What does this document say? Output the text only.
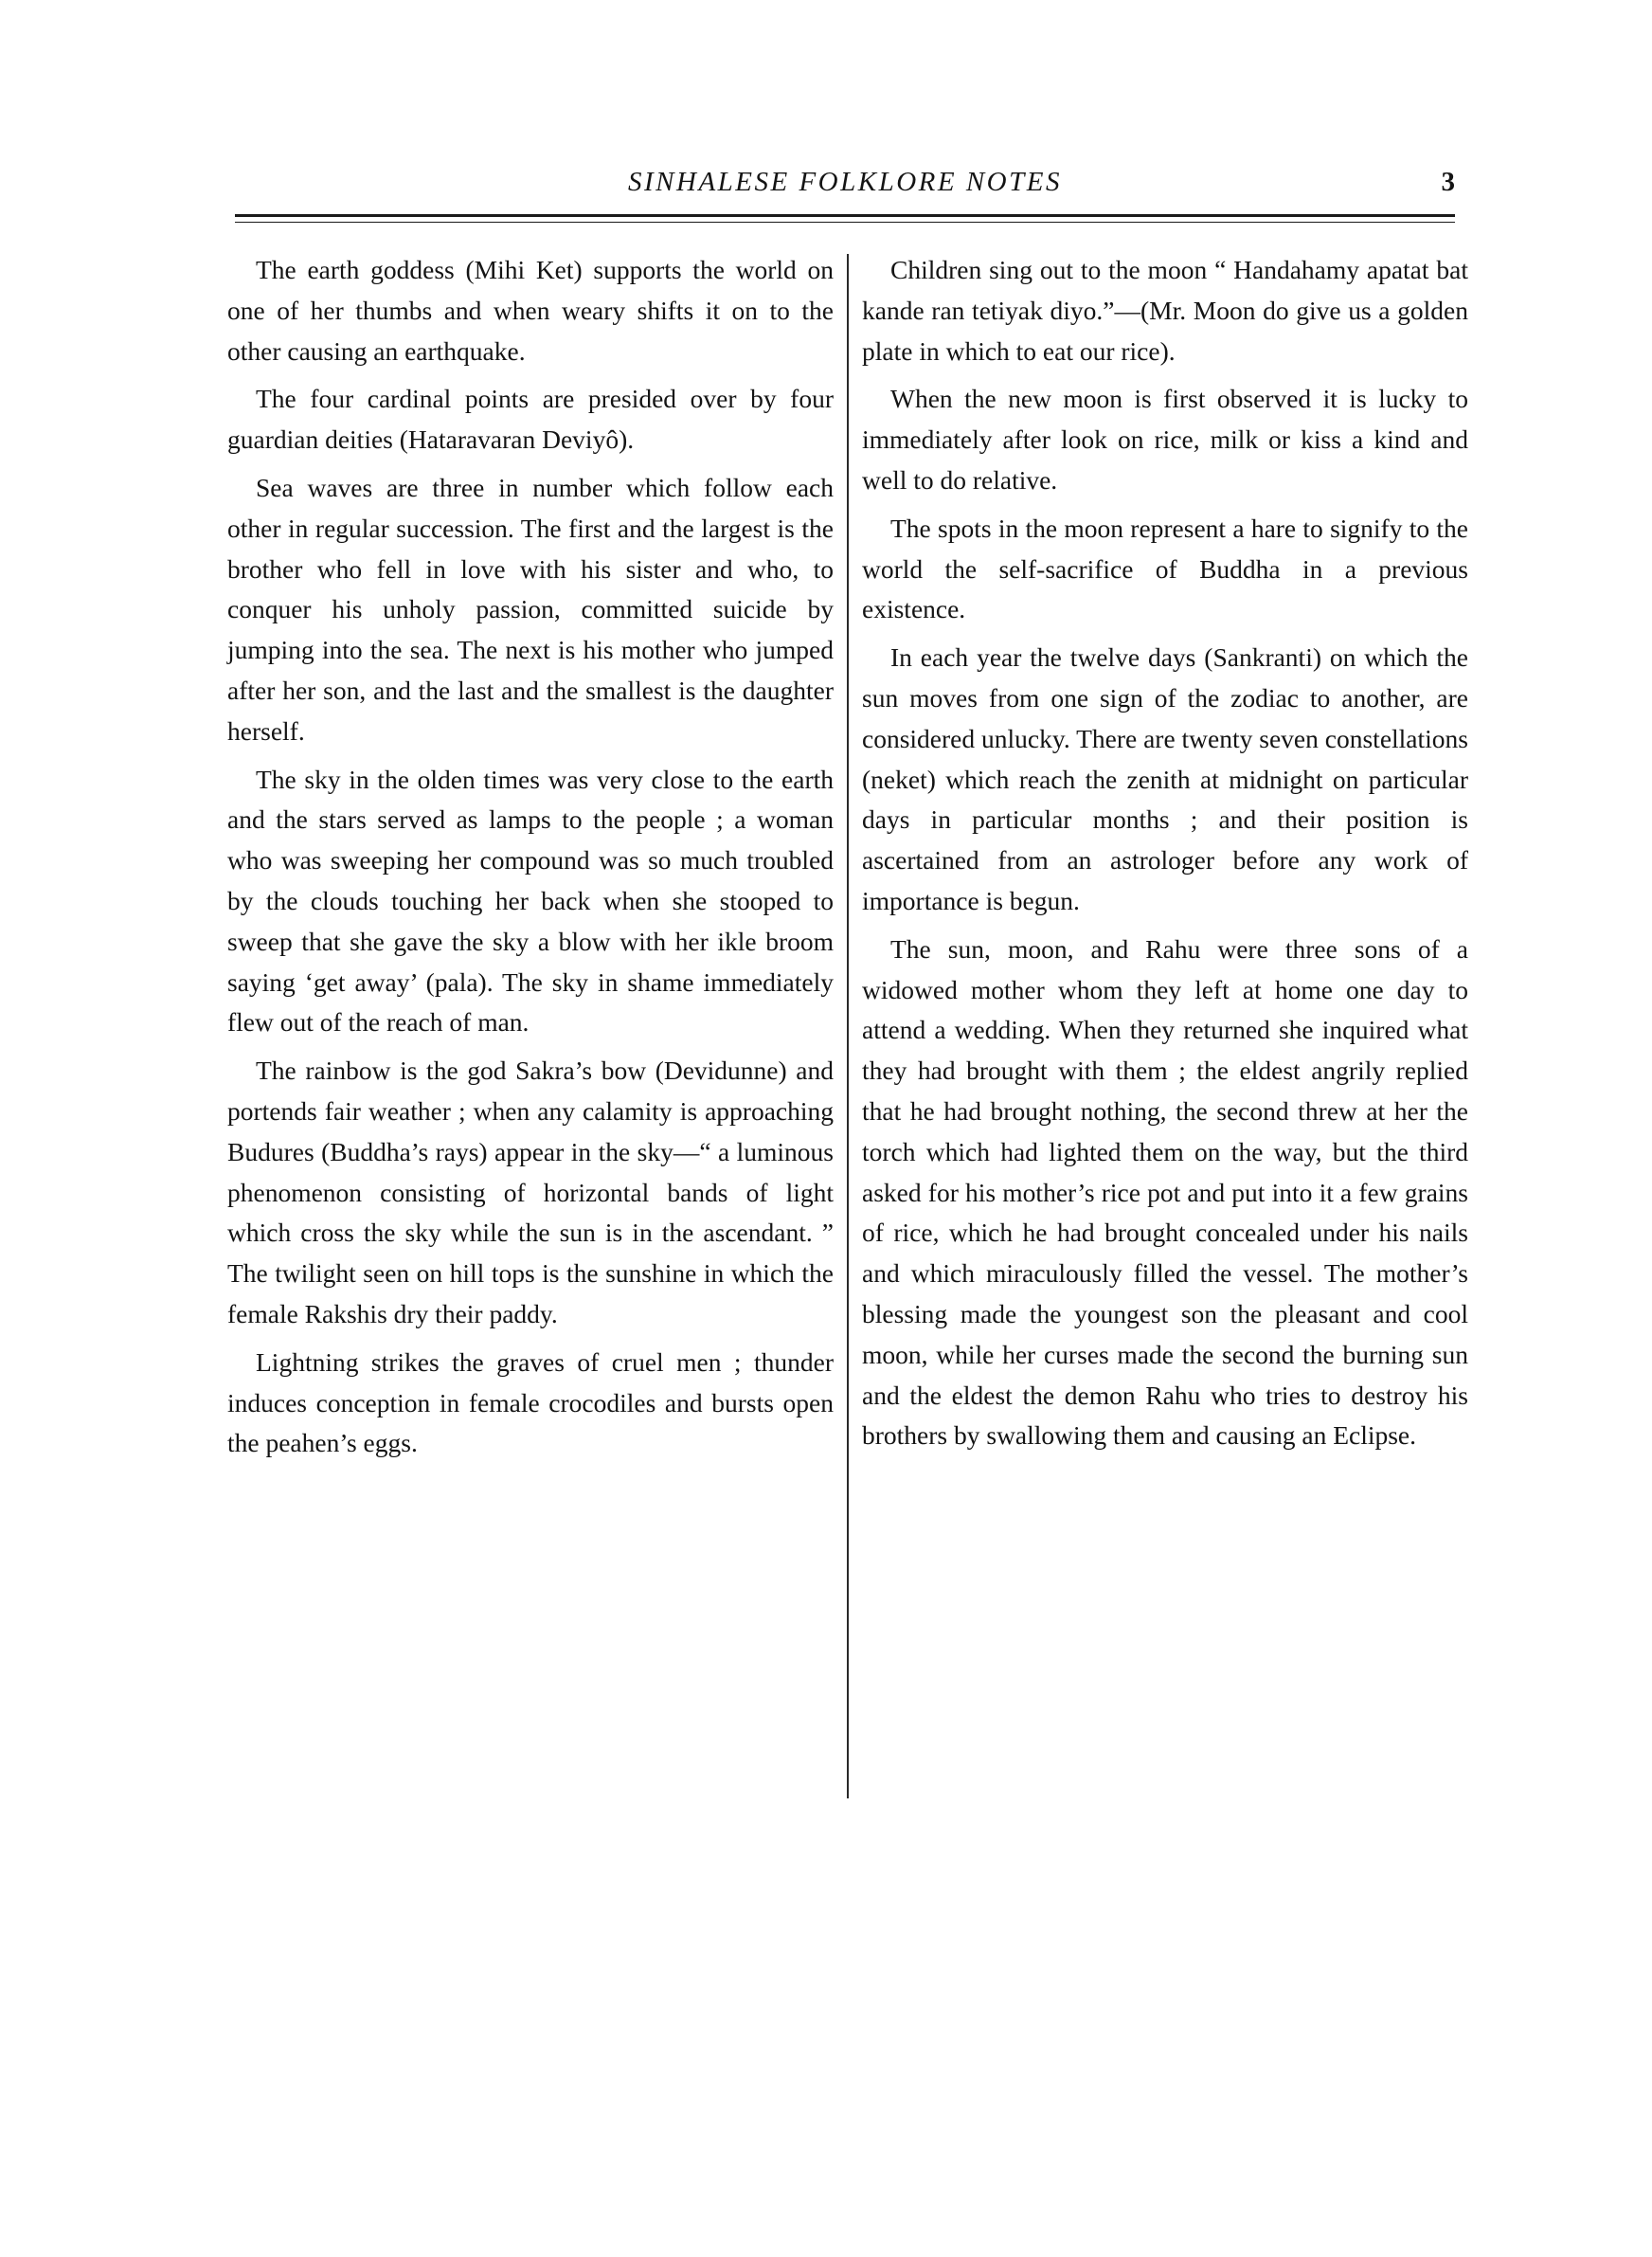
SINHALESE FOLKLORE NOTES	3

The earth goddess (Mihi Ket) supports the world on one of her thumbs and when weary shifts it on to the other causing an earthquake.

The four cardinal points are presided over by four guardian deities (Hataravaran Deviyô).

Sea waves are three in number which follow each other in regular succession. The first and the largest is the brother who fell in love with his sister and who, to conquer his unholy passion, committed suicide by jumping into the sea. The next is his mother who jumped after her son, and the last and the smallest is the daughter herself.

The sky in the olden times was very close to the earth and the stars served as lamps to the people ; a woman who was sweeping her compound was so much troubled by the clouds touching her back when she stooped to sweep that she gave the sky a blow with her ikle broom saying ‘get away’ (pala). The sky in shame immediately flew out of the reach of man.

The rainbow is the god Sakra’s bow (Devidunne) and portends fair weather ; when any calamity is approaching Budures (Buddha’s rays) appear in the sky—“ a luminous phenomenon consisting of horizontal bands of light which cross the sky while the sun is in the ascendant. ” The twilight seen on hill tops is the sunshine in which the female Rakshis dry their paddy.

Lightning strikes the graves of cruel men ; thunder induces conception in female crocodiles and bursts open the peahen’s eggs.

Children sing out to the moon “ Handahamy apatat bat kande ran tetiyak diyo.”—(Mr. Moon do give us a golden plate in which to eat our rice).

When the new moon is first observed it is lucky to immediately after look on rice, milk or kiss a kind and well to do relative.

The spots in the moon represent a hare to signify to the world the self-sacrifice of Buddha in a previous existence.

In each year the twelve days (Sankranti) on which the sun moves from one sign of the zodiac to another, are considered unlucky. There are twenty seven constellations (neket) which reach the zenith at midnight on particular days in particular months ; and their position is ascertained from an astrologer before any work of importance is begun.

The sun, moon, and Rahu were three sons of a widowed mother whom they left at home one day to attend a wedding. When they returned she inquired what they had brought with them ; the eldest angrily replied that he had brought nothing, the second threw at her the torch which had lighted them on the way, but the third asked for his mother’s rice pot and put into it a few grains of rice, which he had brought concealed under his nails and which miraculously filled the vessel. The mother’s blessing made the youngest son the pleasant and cool moon, while her curses made the second the burning sun and the eldest the demon Rahu who tries to destroy his brothers by swallowing them and causing an Eclipse.
